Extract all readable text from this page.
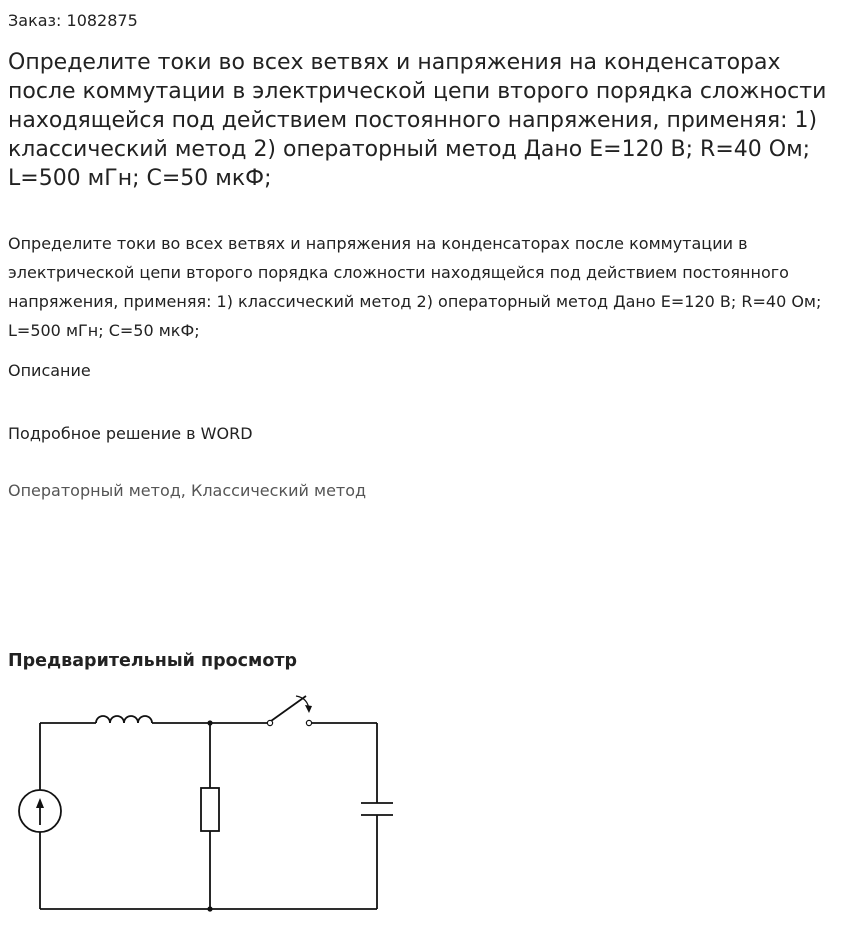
Заказ: 1082875
Определите токи во всех ветвях и напряжения на конденсаторах после коммутации в электрической цепи второго порядка сложности находящейся под действием постоянного напряжения, применяя: 1) классический метод 2) операторный метод Дано E=120 В; R=40 Ом; L=500 мГн; C=50 мкФ;
Определите токи во всех ветвях и напряжения на конденсаторах после коммутации в электрической цепи второго порядка сложности находящейся под действием постоянного напряжения, применяя: 1) классический метод 2) операторный метод Дано E=120 В; R=40 Ом; L=500 мГн; C=50 мкФ;
Описание
Подробное решение в WORD
Операторный метод, Классический метод
Предварительный просмотр
